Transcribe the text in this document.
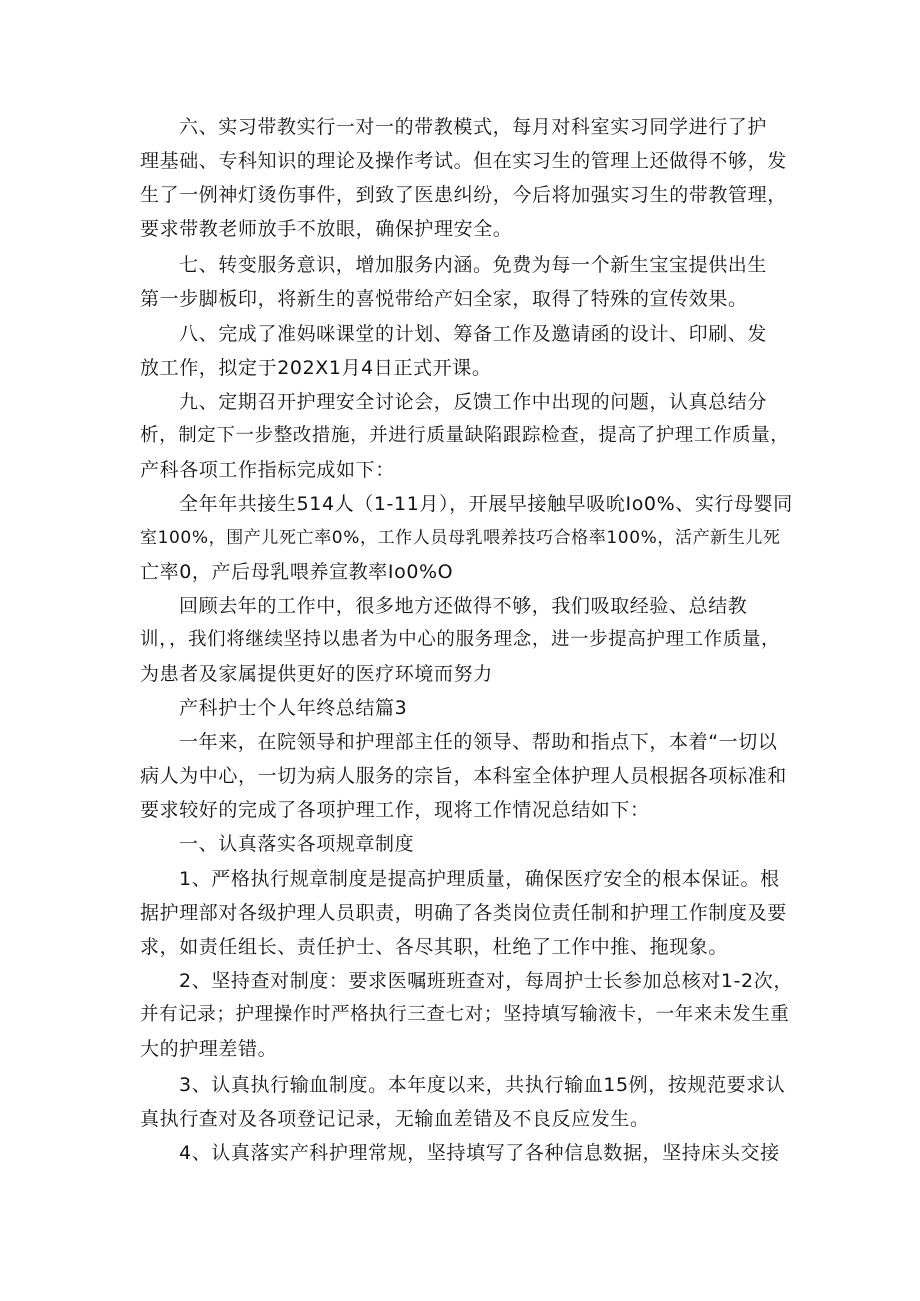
六、实习带教实行一对一的带教模式，每月对科室实习同学进行了护
理基础、专科知识的理论及操作考试。但在实习生的管理上还做得不够，发
生了一例神灯烫伤事件，到致了医患纠纷，今后将加强实习生的带教管理，
要求带教老师放手不放眼，确保护理安全。
七、转变服务意识，增加服务内涵。免费为每一个新生宝宝提供出生
第一步脚板印，将新生的喜悦带给产妇全家，取得了特殊的宣传效果。
八、完成了准妈咪课堂的计划、筹备工作及邀请函的设计、印刷、发
放工作，拟定于202X1月4日正式开课。
九、定期召开护理安全讨论会，反馈工作中出现的问题，认真总结分
析，制定下一步整改措施，并进行质量缺陷跟踪检查，提高了护理工作质量，
产科各项工作指标完成如下：
全年年共接生514人（1-11月），开展早接触早吸吮Io0%、实行母婴同
室100%，围产儿死亡率0%，工作人员母乳喂养技巧合格率100%，活产新生儿死
亡率0，产后母乳喂养宣教率Io0%O
回顾去年的工作中，很多地方还做得不够，我们吸取经验、总结教
训，，我们将继续坚持以患者为中心的服务理念，进一步提高护理工作质量，
为患者及家属提供更好的医疗环境而努力
产科护士个人年终总结篇3
一年来，在院领导和护理部主任的领导、帮助和指点下，本着“一切以
病人为中心，一切为病人服务的宗旨，本科室全体护理人员根据各项标准和
要求较好的完成了各项护理工作，现将工作情况总结如下：
一、认真落实各项规章制度
1、严格执行规章制度是提高护理质量，确保医疗安全的根本保证。根
据护理部对各级护理人员职责，明确了各类岗位责任制和护理工作制度及要
求，如责任组长、责任护士、各尽其职，杜绝了工作中推、拖现象。
2、坚持查对制度：要求医嘱班班查对，每周护士长参加总核对1-2次，
并有记录；护理操作时严格执行三查七对；坚持填写输液卡，一年来未发生重
大的护理差错。
3、认真执行输血制度。本年度以来，共执行输血15例，按规范要求认
真执行查对及各项登记记录，无输血差错及不良反应发生。
4、认真落实产科护理常规，坚持填写了各种信息数据，坚持床头交接
